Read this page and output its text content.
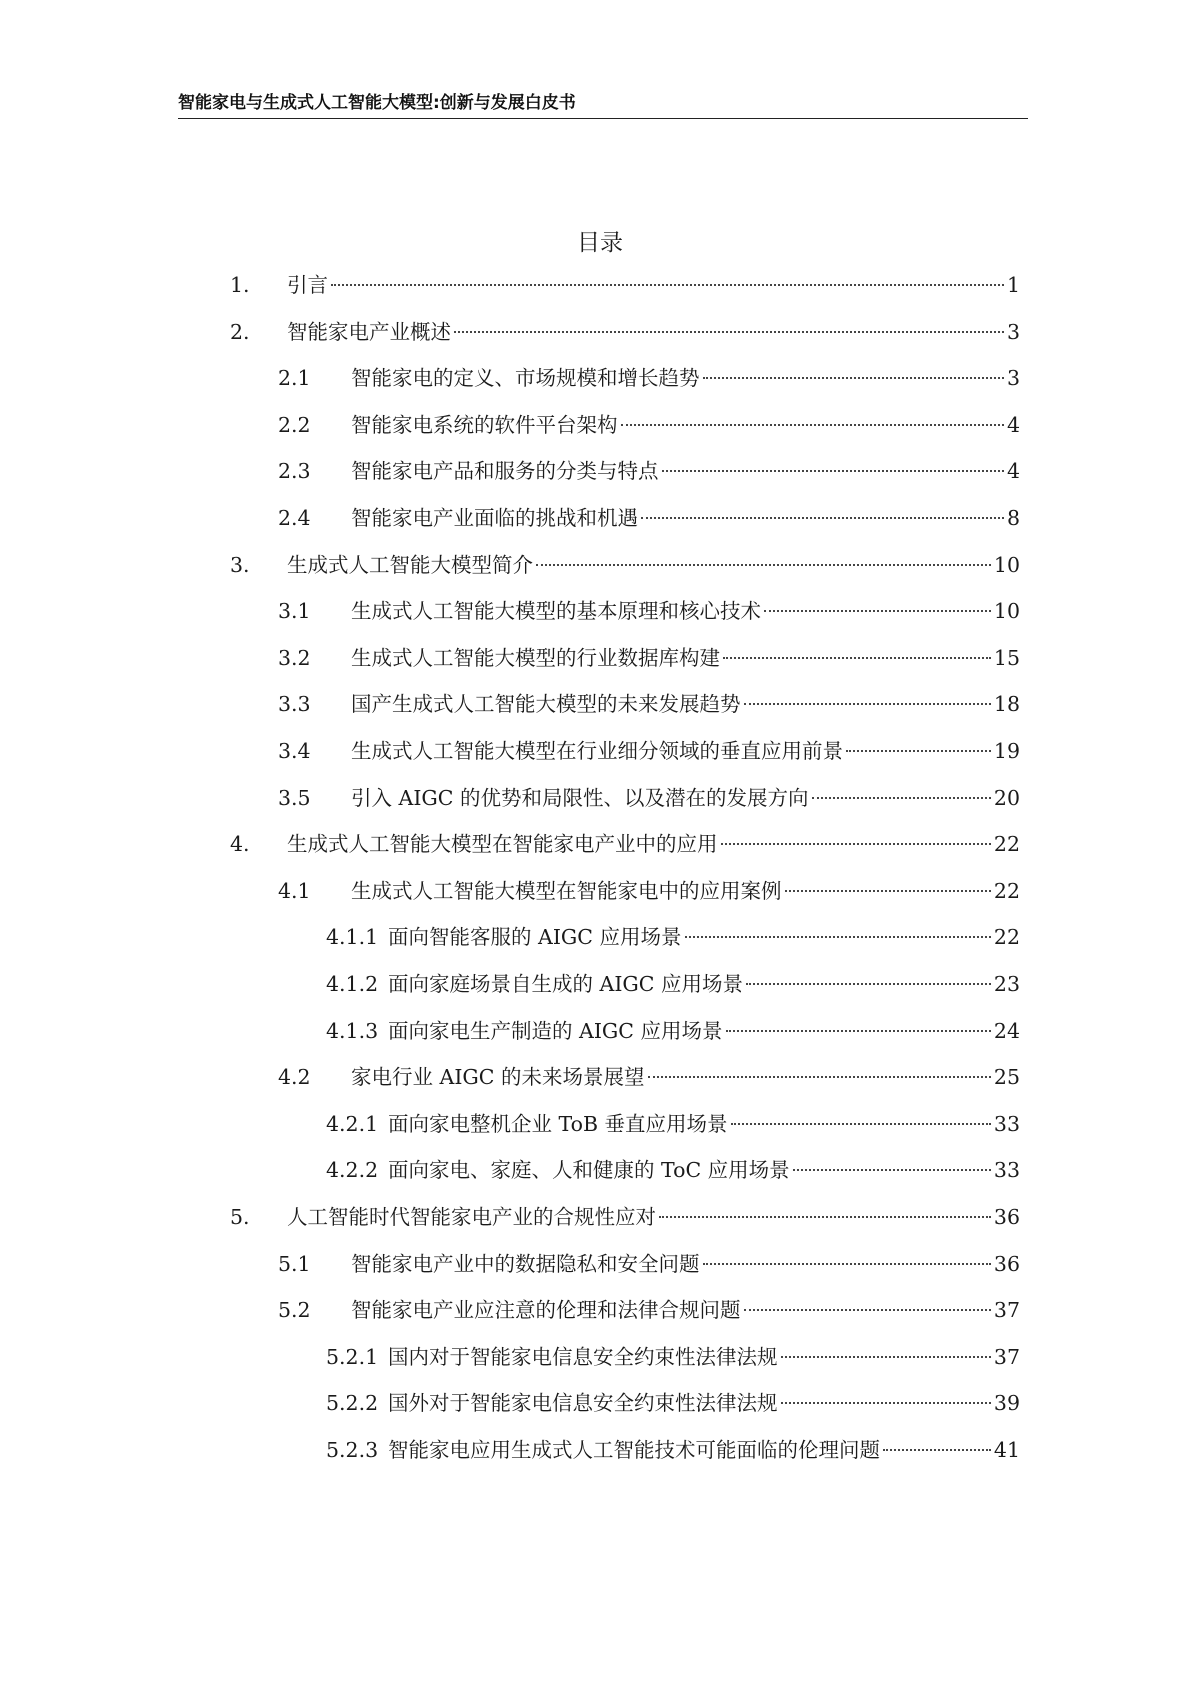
智能家电与生成式人工智能大模型:创新与发展白皮书
目录
1.	引言	1
2.	智能家电产业概述	3
2.1	智能家电的定义、市场规模和增长趋势	3
2.2	智能家电系统的软件平台架构	4
2.3	智能家电产品和服务的分类与特点	4
2.4	智能家电产业面临的挑战和机遇	8
3.	生成式人工智能大模型简介	10
3.1	生成式人工智能大模型的基本原理和核心技术	10
3.2	生成式人工智能大模型的行业数据库构建	15
3.3	国产生成式人工智能大模型的未来发展趋势	18
3.4	生成式人工智能大模型在行业细分领域的垂直应用前景	19
3.5	引入 AIGC 的优势和局限性、以及潜在的发展方向	20
4.	生成式人工智能大模型在智能家电产业中的应用	22
4.1	生成式人工智能大模型在智能家电中的应用案例	22
4.1.1 面向智能客服的 AIGC 应用场景	22
4.1.2 面向家庭场景自生成的 AIGC 应用场景	23
4.1.3 面向家电生产制造的 AIGC 应用场景	24
4.2	家电行业 AIGC 的未来场景展望	25
4.2.1 面向家电整机企业 ToB 垂直应用场景	33
4.2.2 面向家电、家庭、人和健康的 ToC 应用场景	33
5.	人工智能时代智能家电产业的合规性应对	36
5.1	智能家电产业中的数据隐私和安全问题	36
5.2	智能家电产业应注意的伦理和法律合规问题	37
5.2.1 国内对于智能家电信息安全约束性法律法规	37
5.2.2 国外对于智能家电信息安全约束性法律法规	39
5.2.3 智能家电应用生成式人工智能技术可能面临的伦理问题	41
